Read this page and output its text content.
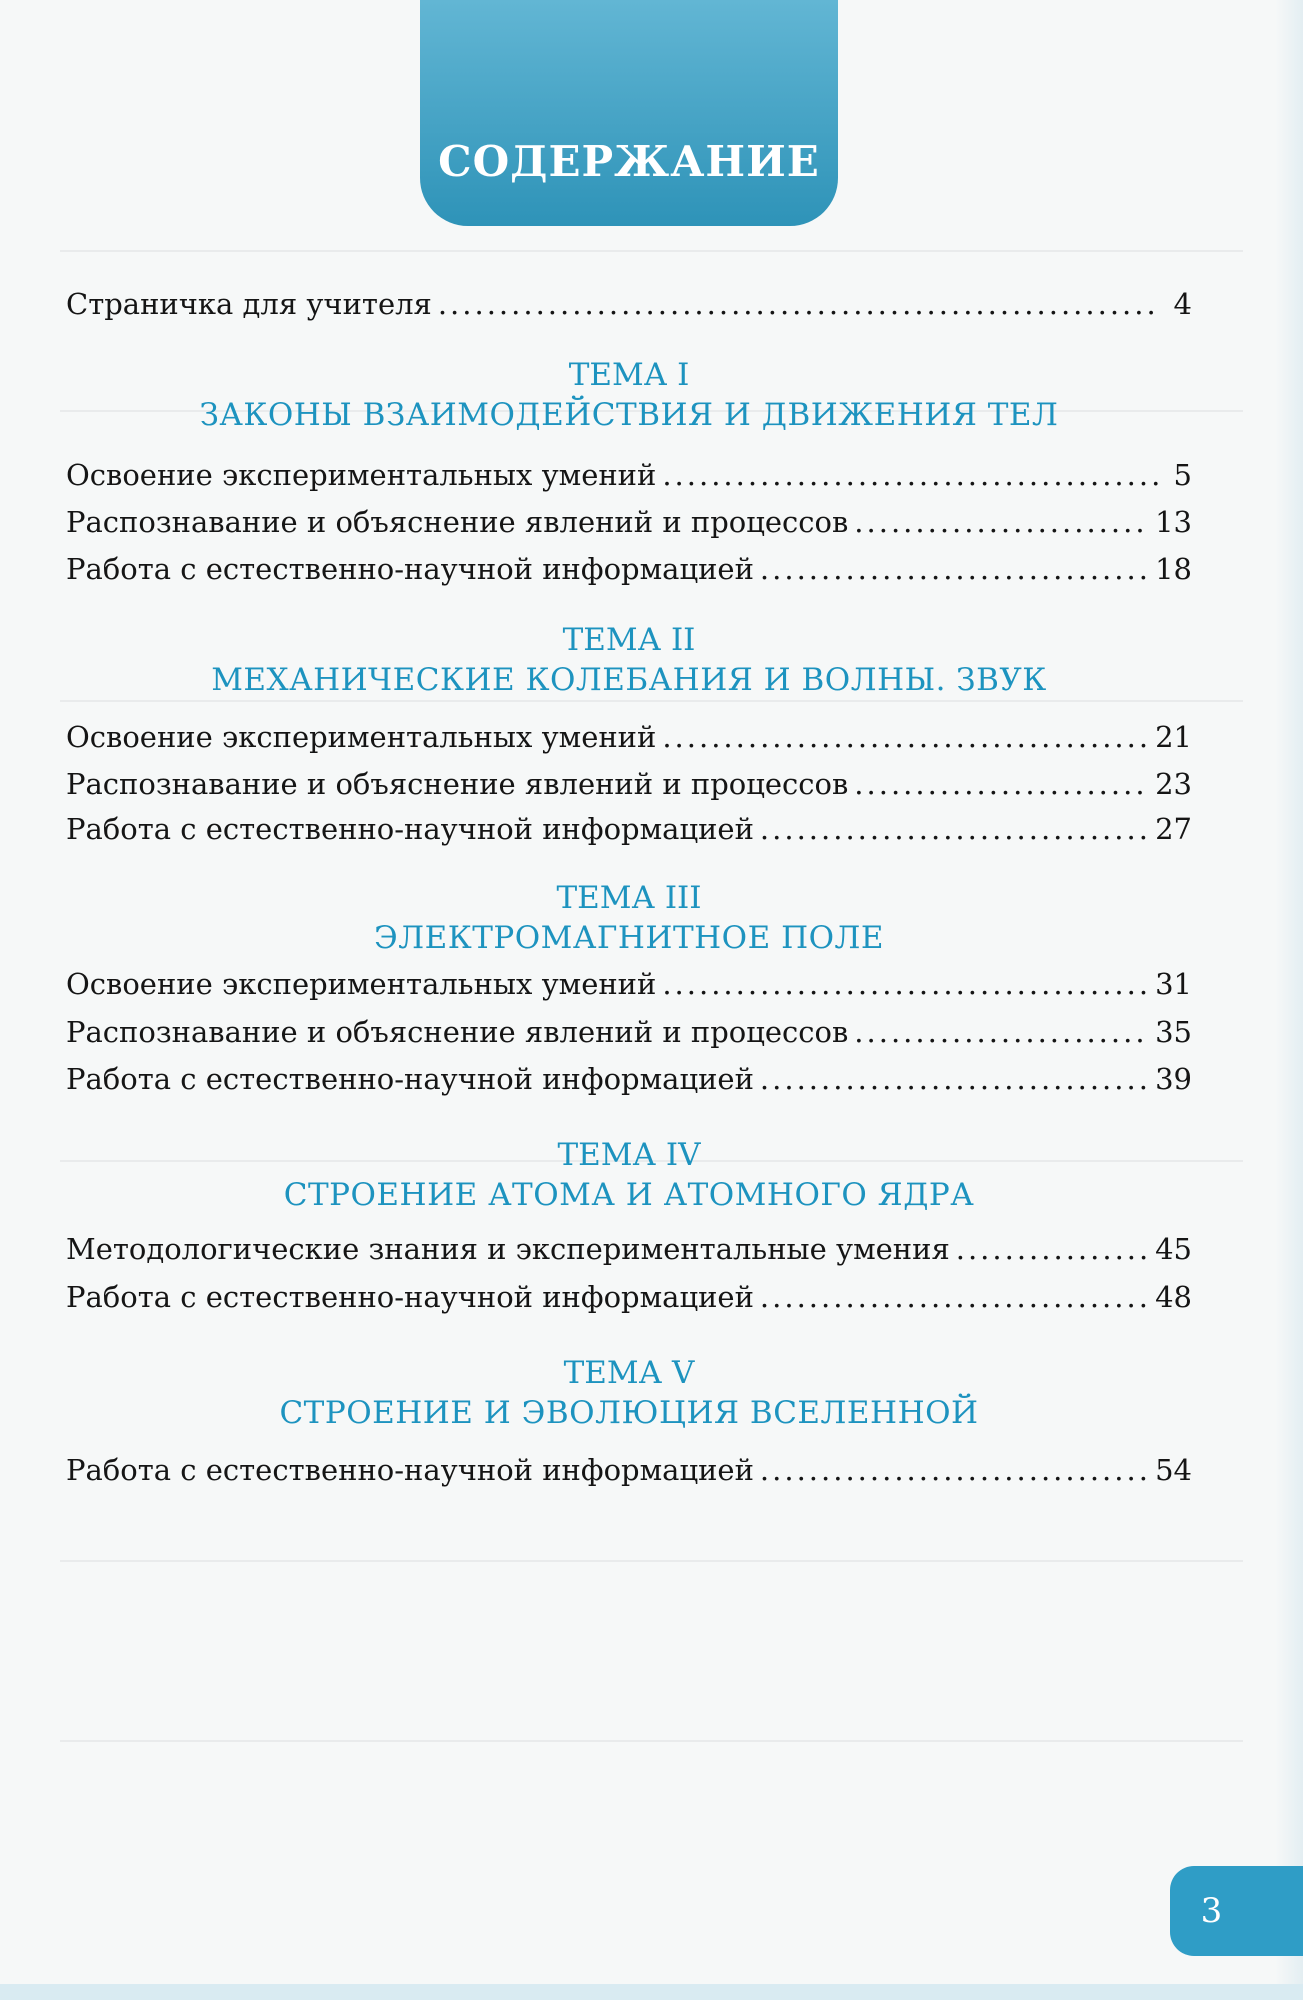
СОДЕРЖАНИЕ
Страничка для учителя .....	4
ТЕМА I
ЗАКОНЫ ВЗАИМОДЕЙСТВИЯ И ДВИЖЕНИЯ ТЕЛ
Освоение экспериментальных умений .....	5
Распознавание и объяснение явлений и процессов .....	13
Работа с естественно-научной информацией .....	18
ТЕМА II
МЕХАНИЧЕСКИЕ КОЛЕБАНИЯ И ВОЛНЫ. ЗВУК
Освоение экспериментальных умений .....	21
Распознавание и объяснение явлений и процессов .....	23
Работа с естественно-научной информацией .....	27
ТЕМА III
ЭЛЕКТРОМАГНИТНОЕ ПОЛЕ
Освоение экспериментальных умений .....	31
Распознавание и объяснение явлений и процессов .....	35
Работа с естественно-научной информацией .....	39
ТЕМА IV
СТРОЕНИЕ АТОМА И АТОМНОГО ЯДРА
Методологические знания и экспериментальные умения .....	45
Работа с естественно-научной информацией .....	48
ТЕМА V
СТРОЕНИЕ И ЭВОЛЮЦИЯ ВСЕЛЕННОЙ
Работа с естественно-научной информацией .....	54
3
